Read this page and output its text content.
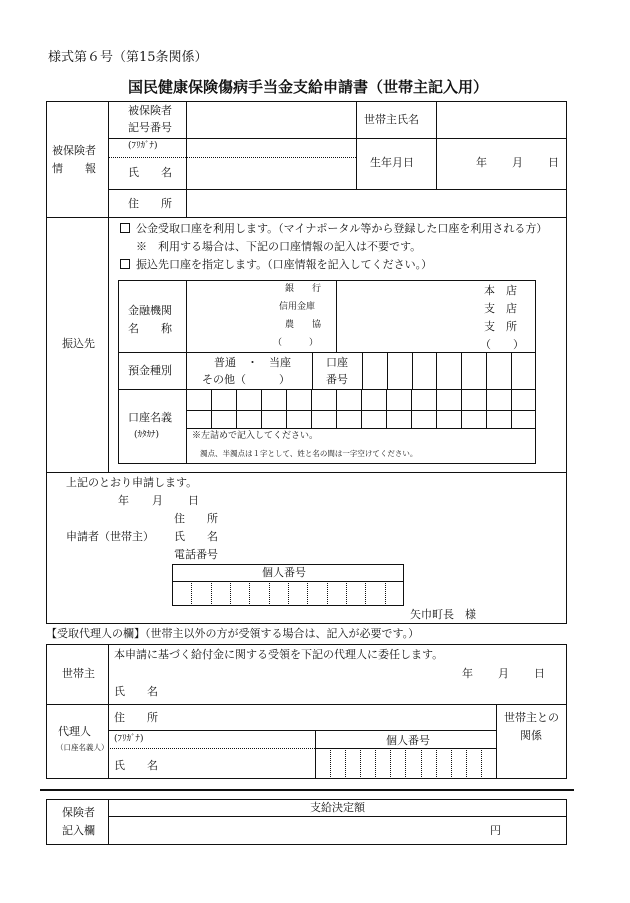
様式第６号（第15条関係）
国民健康保険傷病手当金支給申請書（世帯主記入用）
被保険者
情　　報
被保険者
記号番号
世帯主氏名
(ﾌﾘｶﾞﾅ)
氏　　名
住　　所
生年月日	年 月 日
振込先
公金受取口座を利用します。（マイナポータル等から登録した口座を利用される方）
※　利用する場合は、下記の口座情報の記入は不要です。
振込先口座を指定します。（口座情報を記入してください。）
金融機関
名　　称
銀　　行
信用金庫
農　　協
（　　　）
本　店
支　店
支　所
（　　）
預金種別
普通　・　当座
その他（　　　）
口座
番号
口座名義
(ｶﾀｶﾅ)	※左詰めで記入してください。
濁点、半濁点は１字として、姓と名の間は一字空けてください。
上記のとおり申請します。
年 月 日
住　　所
申請者（世帯主） 氏　　名
電話番号
個人番号
矢巾町長　様
【受取代理人の欄】（世帯主以外の方が受領する場合は、記入が必要です。）
世帯主
本申請に基づく給付金に関する受領を下記の代理人に委任します。
年 月 日
氏　　名
代理人
（口座名義人）
住　　所
(ﾌﾘｶﾞﾅ)
氏　　名
個人番号
世帯主との
関係
保険者
記入欄
支給決定額
円
